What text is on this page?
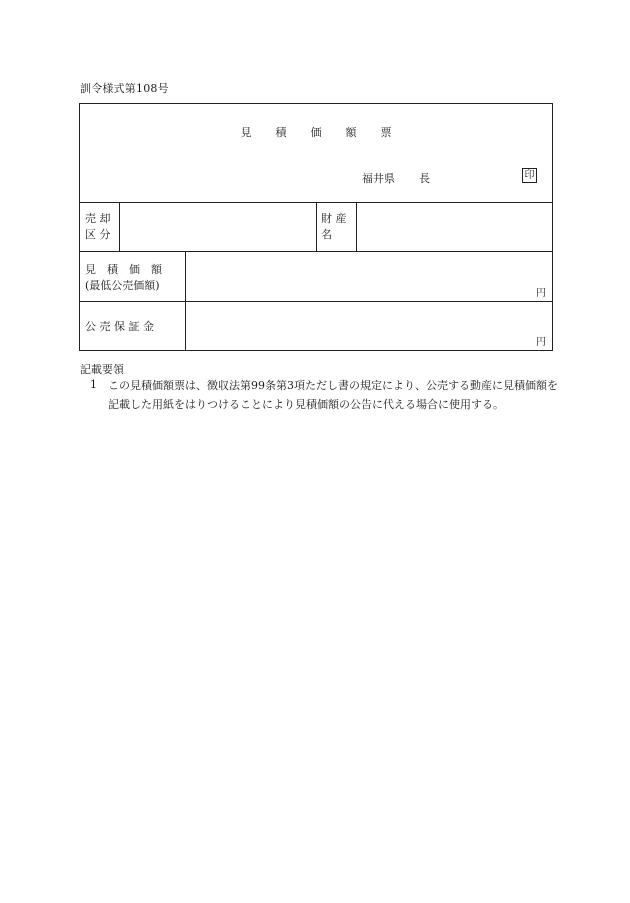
訓令様式第108号
見積価額票
福井県 長	印
売 却
区 分
財 産
名
見　積　価　額
(最低公売価額)
円
公 売 保 証 金
円
記載要領
1 この見積価額票は、徴収法第99条第3項ただし書の規定により、公売する動産に見積価額を記載した用紙をはりつけることにより見積価額の公告に代える場合に使用する。
